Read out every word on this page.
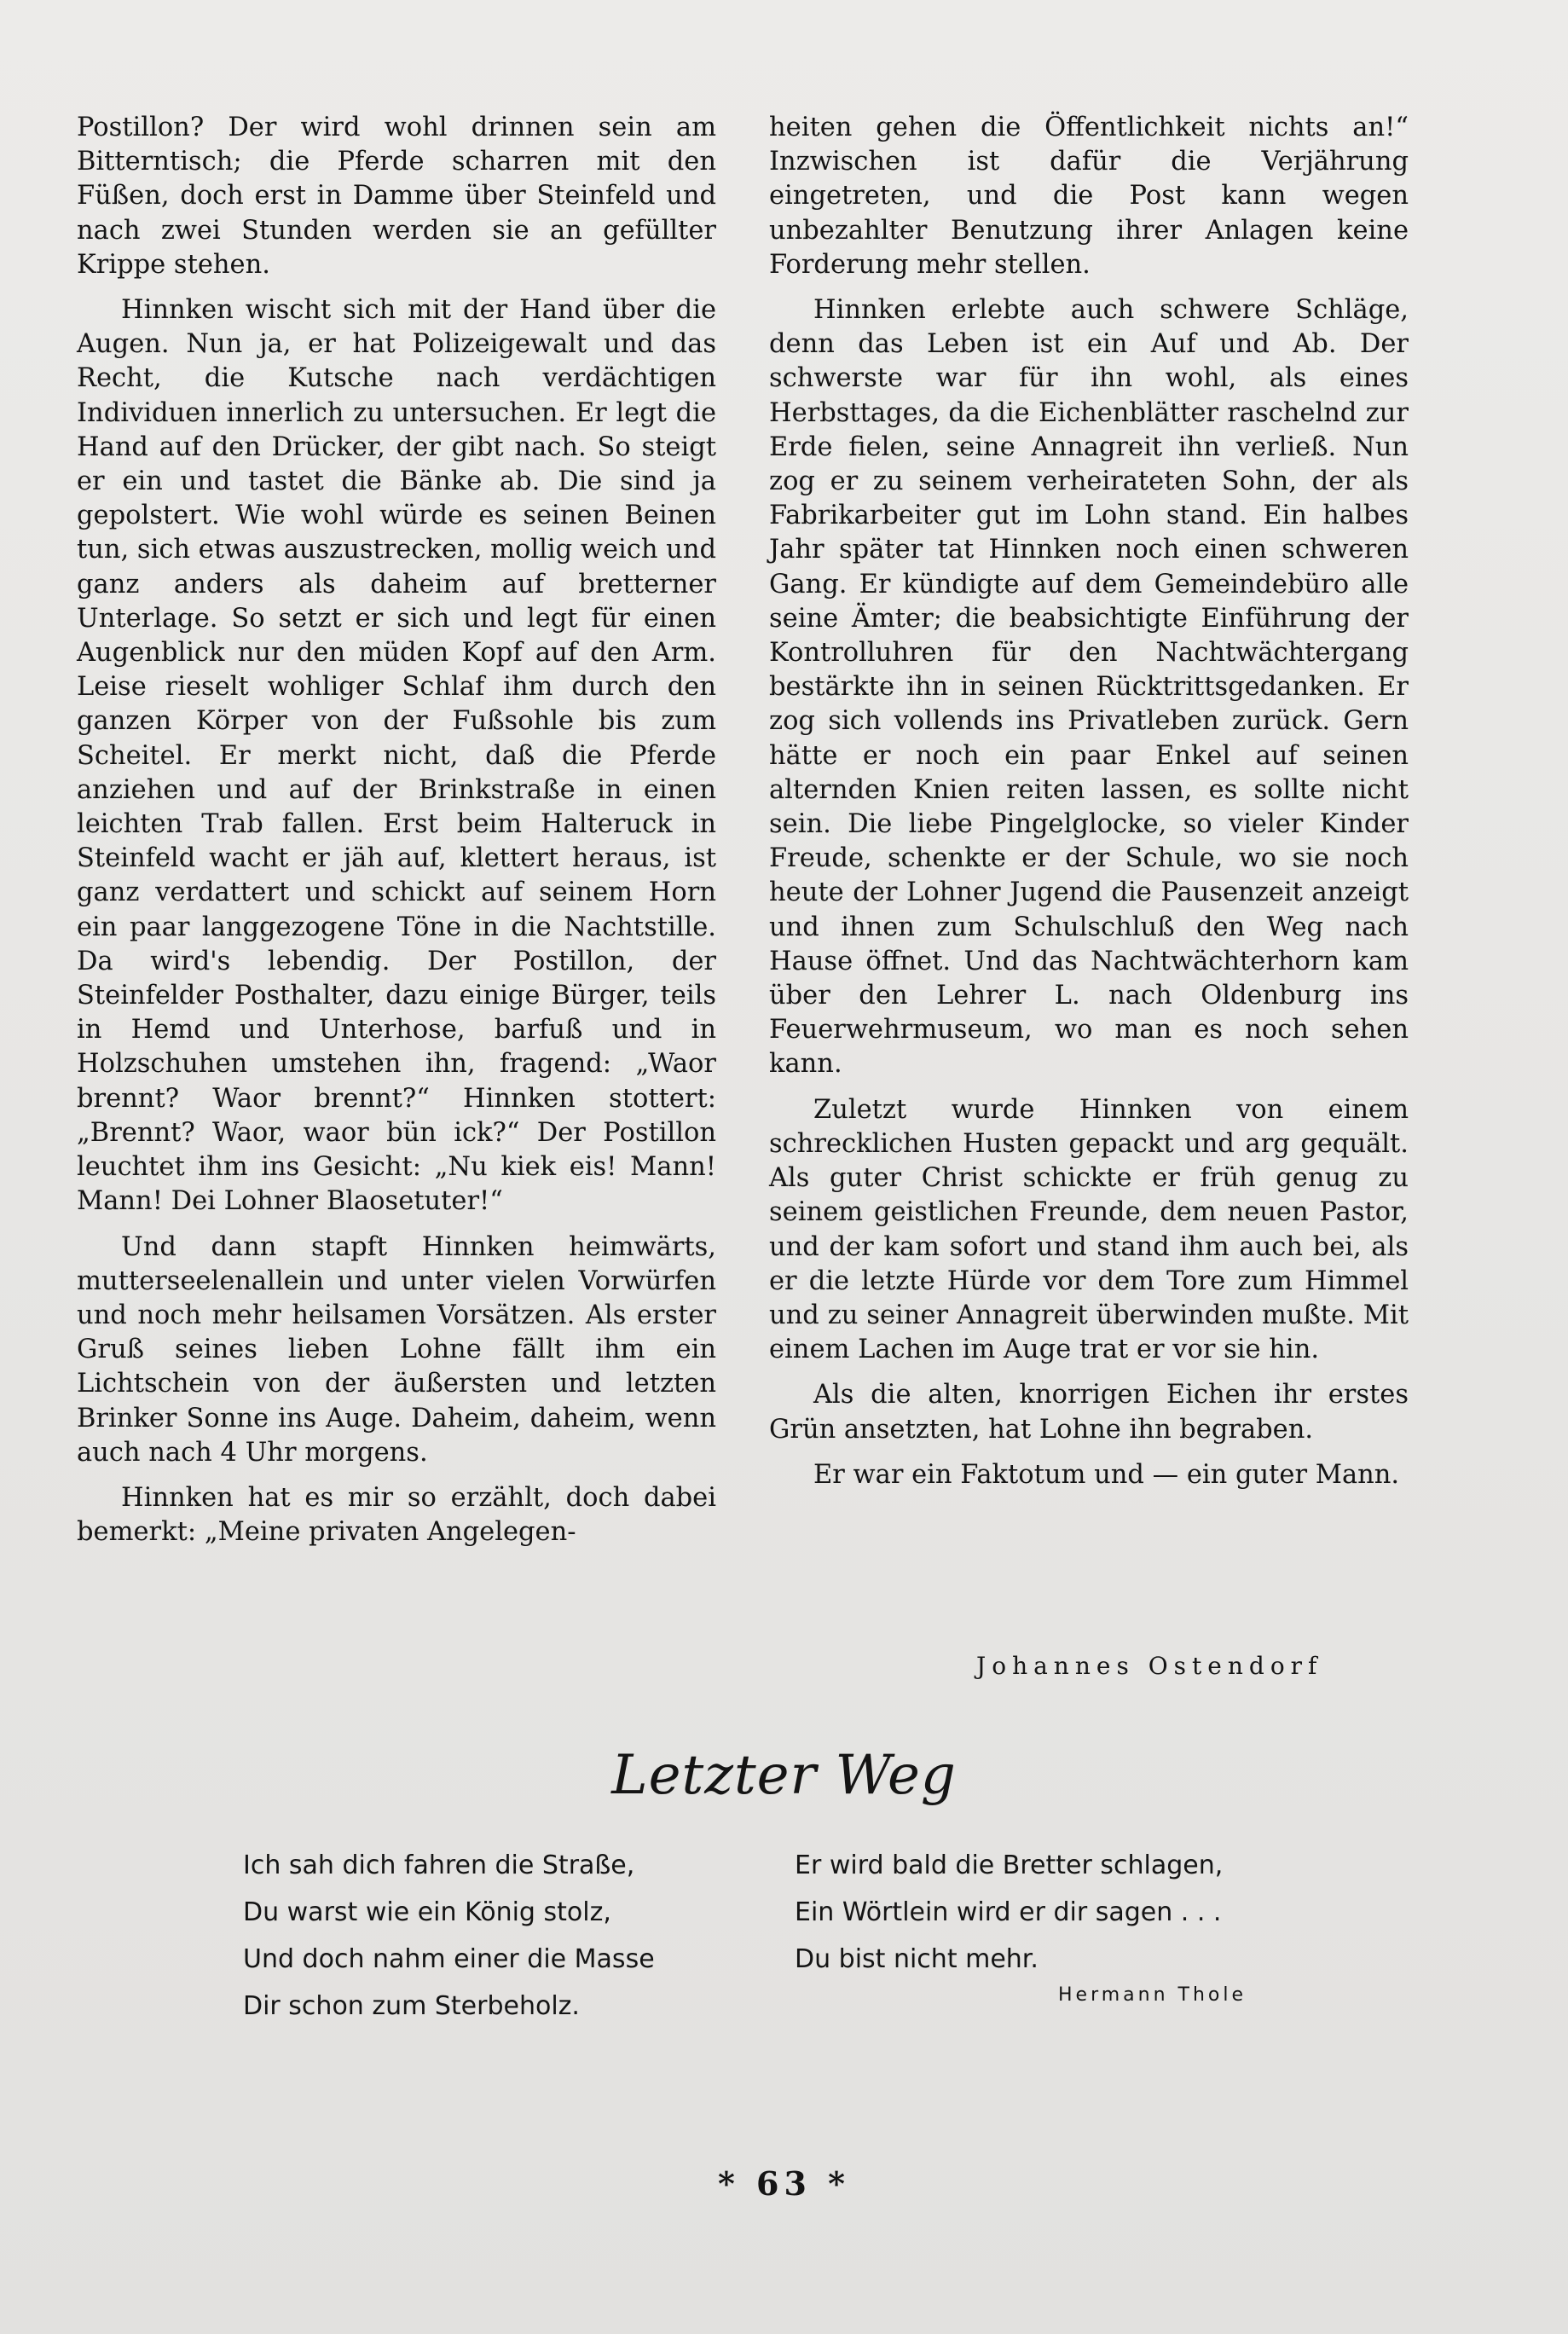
Postillon? Der wird wohl drinnen sein am Bitterntisch; die Pferde scharren mit den Füßen, doch erst in Damme über Steinfeld und nach zwei Stunden werden sie an gefüllter Krippe stehen.

Hinnken wischt sich mit der Hand über die Augen. Nun ja, er hat Polizeigewalt und das Recht, die Kutsche nach verdächtigen Individuen innerlich zu untersuchen. Er legt die Hand auf den Drücker, der gibt nach. So steigt er ein und tastet die Bänke ab. Die sind ja gepolstert. Wie wohl würde es seinen Beinen tun, sich etwas auszustrecken, mollig weich und ganz anders als daheim auf bretterner Unterlage. So setzt er sich und legt für einen Augenblick nur den müden Kopf auf den Arm. Leise rieselt wohliger Schlaf ihm durch den ganzen Körper von der Fußsohle bis zum Scheitel. Er merkt nicht, daß die Pferde anziehen und auf der Brinkstraße in einen leichten Trab fallen. Erst beim Halteruck in Steinfeld wacht er jäh auf, klettert heraus, ist ganz verdattert und schickt auf seinem Horn ein paar langgezogene Töne in die Nachtstille. Da wird's lebendig. Der Postillon, der Steinfelder Posthalter, dazu einige Bürger, teils in Hemd und Unterhose, barfuß und in Holzschuhen umstehen ihn, fragend: „Waor brennt? Waor brennt?“ Hinnken stottert: „Brennt? Waor, waor bün ick?“ Der Postillon leuchtet ihm ins Gesicht: „Nu kiek eis! Mann! Mann! Dei Lohner Blaosetuter!“

Und dann stapft Hinnken heimwärts, mutterseelenallein und unter vielen Vorwürfen und noch mehr heilsamen Vorsätzen. Als erster Gruß seines lieben Lohne fällt ihm ein Lichtschein von der äußersten und letzten Brinker Sonne ins Auge. Daheim, daheim, wenn auch nach 4 Uhr morgens.

Hinnken hat es mir so erzählt, doch dabei bemerkt: „Meine privaten Angelegen-

heiten gehen die Öffentlichkeit nichts an!“ Inzwischen ist dafür die Verjährung eingetreten, und die Post kann wegen unbezahlter Benutzung ihrer Anlagen keine Forderung mehr stellen.

Hinnken erlebte auch schwere Schläge, denn das Leben ist ein Auf und Ab. Der schwerste war für ihn wohl, als eines Herbsttages, da die Eichenblätter raschelnd zur Erde fielen, seine Annagreit ihn verließ. Nun zog er zu seinem verheirateten Sohn, der als Fabrikarbeiter gut im Lohn stand. Ein halbes Jahr später tat Hinnken noch einen schweren Gang. Er kündigte auf dem Gemeindebüro alle seine Ämter; die beabsichtigte Einführung der Kontrolluhren für den Nachtwächtergang bestärkte ihn in seinen Rücktrittsgedanken. Er zog sich vollends ins Privatleben zurück. Gern hätte er noch ein paar Enkel auf seinen alternden Knien reiten lassen, es sollte nicht sein. Die liebe Pingelglocke, so vieler Kinder Freude, schenkte er der Schule, wo sie noch heute der Lohner Jugend die Pausenzeit anzeigt und ihnen zum Schulschluß den Weg nach Hause öffnet. Und das Nachtwächterhorn kam über den Lehrer L. nach Oldenburg ins Feuerwehrmuseum, wo man es noch sehen kann.

Zuletzt wurde Hinnken von einem schrecklichen Husten gepackt und arg gequält. Als guter Christ schickte er früh genug zu seinem geistlichen Freunde, dem neuen Pastor, und der kam sofort und stand ihm auch bei, als er die letzte Hürde vor dem Tore zum Himmel und zu seiner Annagreit überwinden mußte. Mit einem Lachen im Auge trat er vor sie hin.

Als die alten, knorrigen Eichen ihr erstes Grün ansetzten, hat Lohne ihn begraben.

Er war ein Faktotum und — ein guter Mann.

Johannes Ostendorf
Letzter Weg
Ich sah dich fahren die Straße,
Du warst wie ein König stolz,
Und doch nahm einer die Masse
Dir schon zum Sterbeholz.
Er wird bald die Bretter schlagen,
Ein Wörtlein wird er dir sagen . . .
Du bist nicht mehr.
Hermann Thole
* 63 *
